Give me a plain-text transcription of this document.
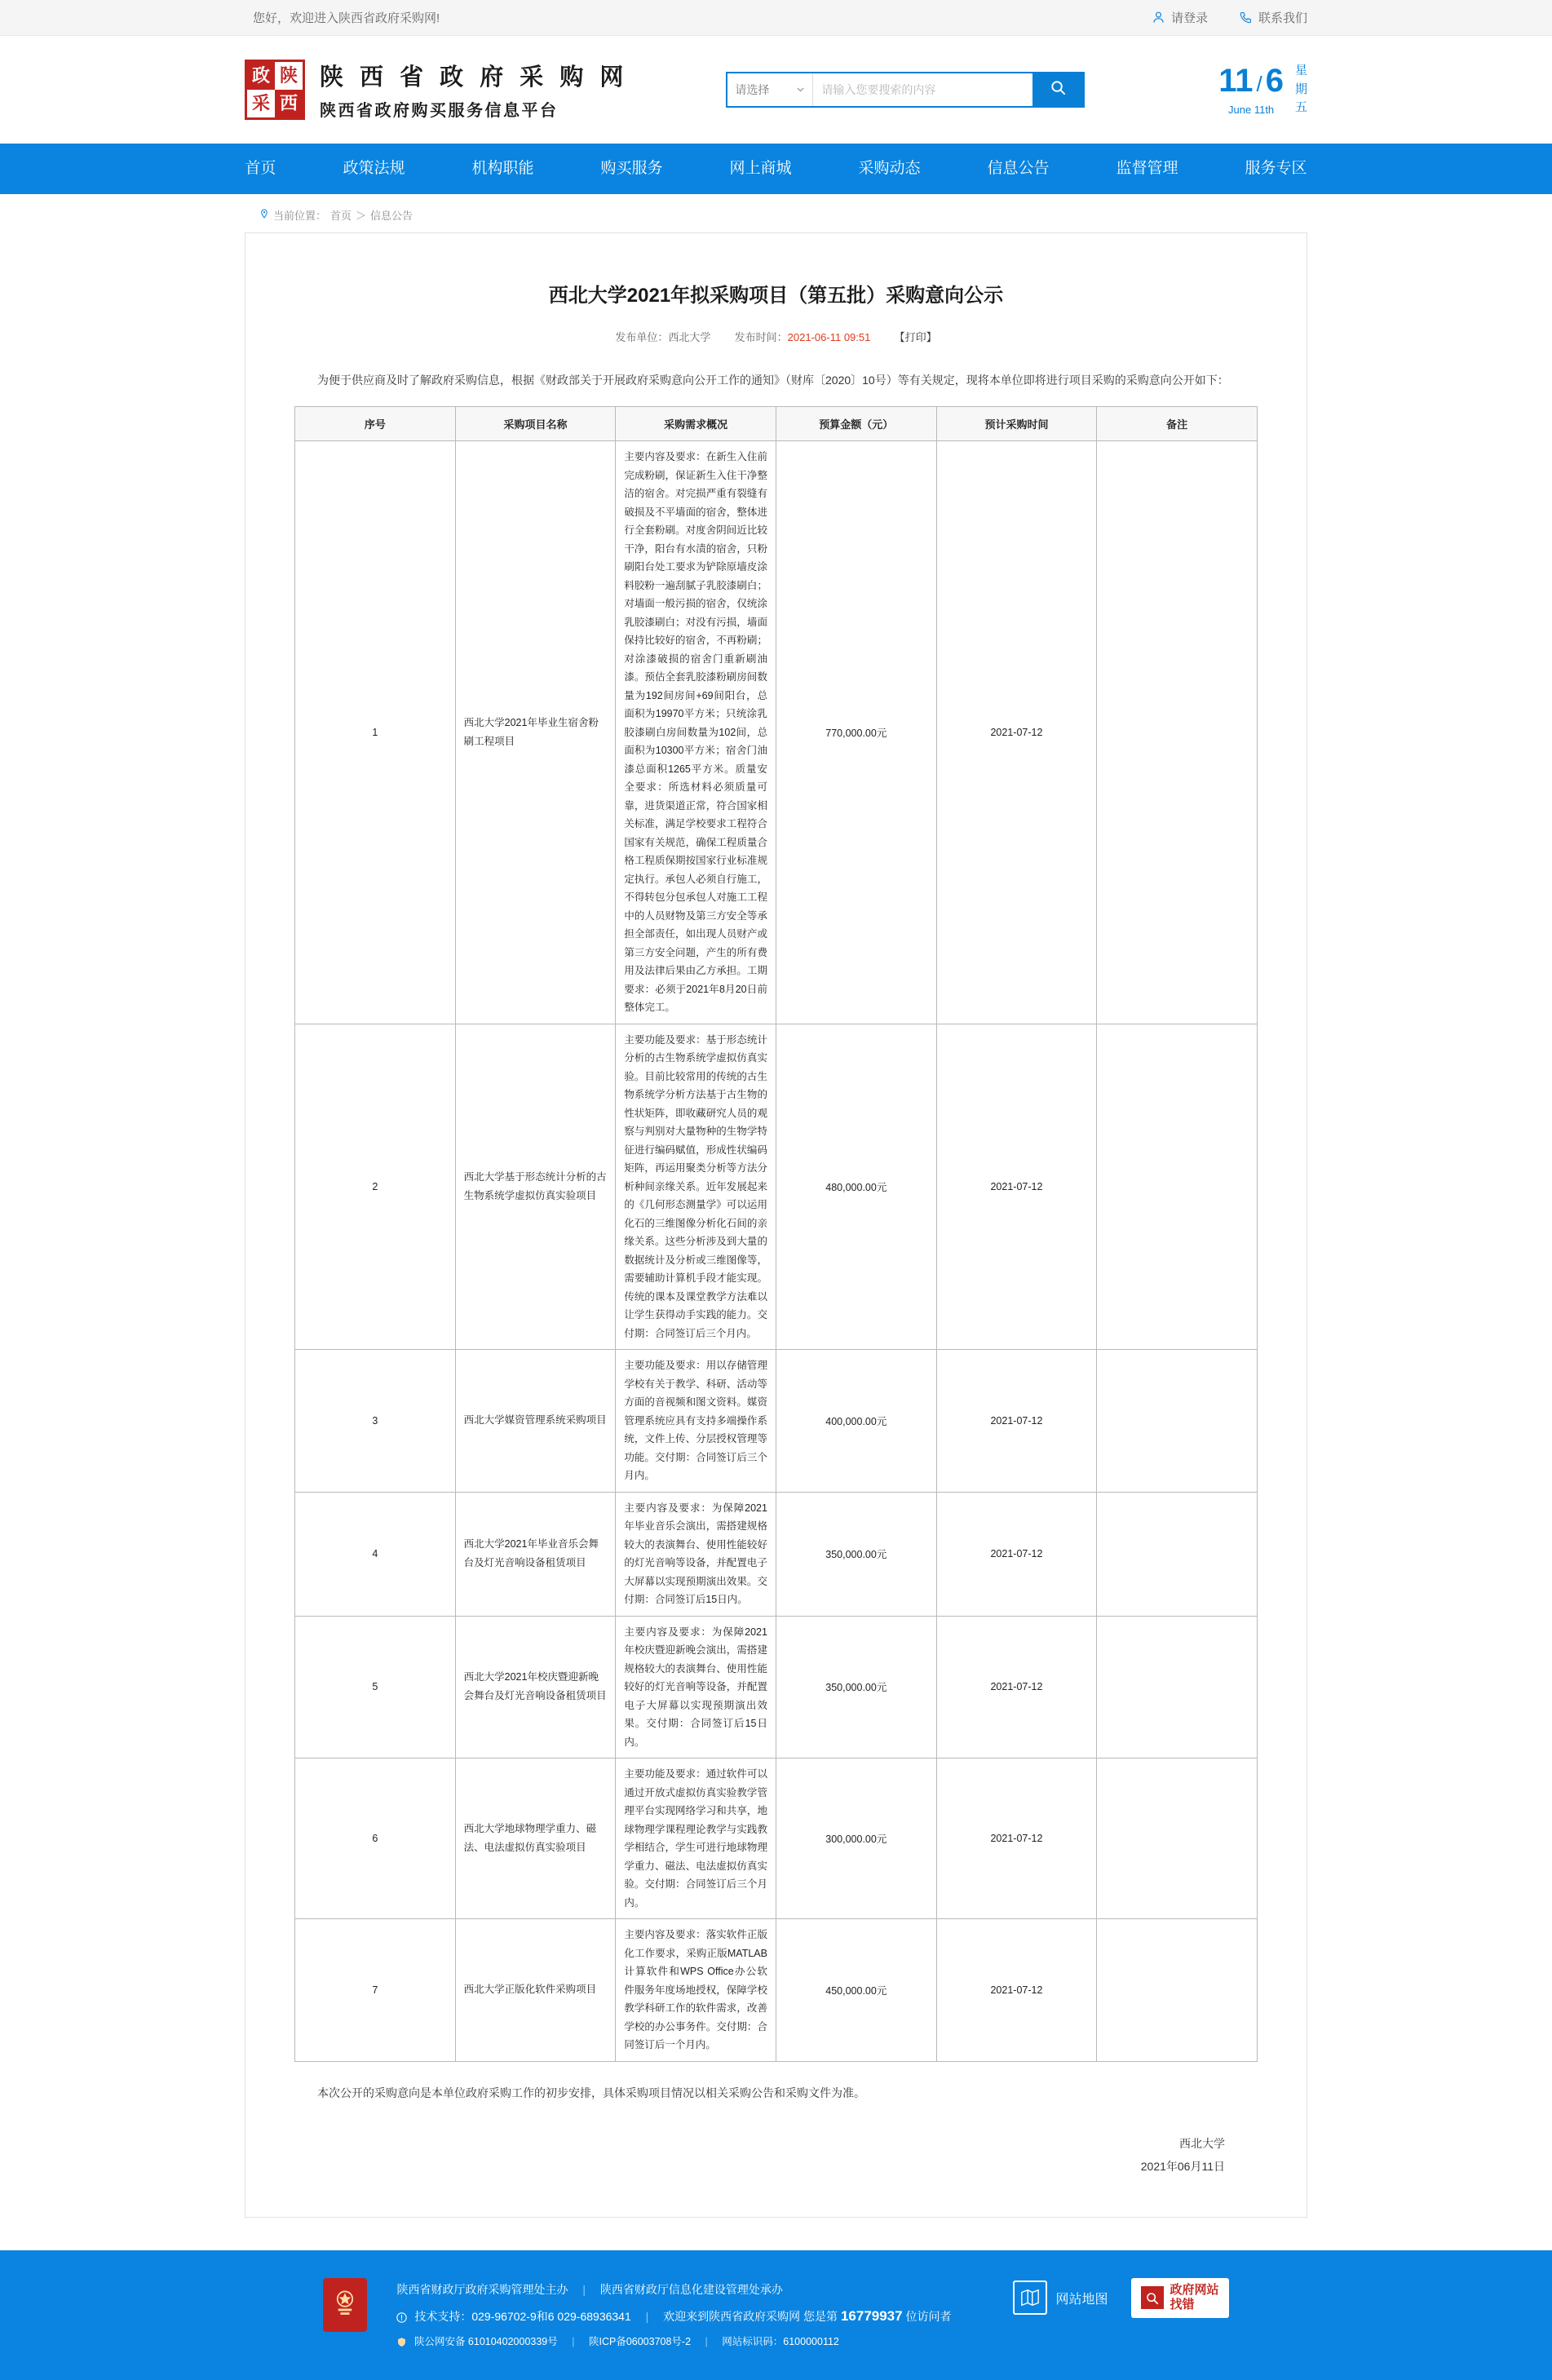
您好，欢迎进入陕西省政府采购网!	请登录	联系我们
政 陕
采 西
陕 西 省 政 府 采 购 网
陕西省政府购买服务信息平台
请选择	请输入您要搜索的内容	11 / 6
June 11th
星
期
五
首页	政策法规	机构职能	购买服务	网上商城	采购动态	信息公告	监督管理	服务专区
当前位置： 首页 ＞ 信息公告
西北大学2021年拟采购项目（第五批）采购意向公示
发布单位：西北大学 发布时间：2021-06-11 09:51 【打印】

为便于供应商及时了解政府采购信息，根据《财政部关于开展政府采购意向公开工作的通知》（财库〔2020〕10号）等有关规定，现将本单位即将进行项目采购的采购意向公开如下：

序号	采购项目名称	采购需求概况	预算金额（元）	预计采购时间	备注
1	西北大学2021年毕业生宿舍粉刷工程项目	主要内容及要求：在新生入住前完成粉刷，保证新生入住干净整洁的宿舍。对完损严重有裂缝有破损及不平墙面的宿舍，整体进行全套粉刷。对度舍阴间近比较干净，阳台有水渍的宿舍，只粉刷阳台处工要求为铲除原墙皮涂料胶粉一遍刮腻子乳胶漆刷白；对墙面一般污损的宿舍，仅统涂乳胶漆刷白；对没有污损，墙面保持比较好的宿舍，不再粉刷；对涂漆破损的宿舍门重新刷油漆。预估全套乳胶漆粉刷房间数量为192间房间+69间阳台，总面积为19970平方米；只统涂乳胶漆刷白房间数量为102间，总面积为10300平方米；宿舍门油漆总面积1265平方米。质量安全要求：所选材料必须质量可靠，进货渠道正常，符合国家相关标准，满足学校要求工程符合国家有关规范，确保工程质量合格工程质保期按国家行业标准规定执行。承包人必须自行施工，不得转包分包承包人对施工工程中的人员财物及第三方安全等承担全部责任，如出现人员财产或第三方安全问题，产生的所有费用及法律后果由乙方承担。工期要求：必须于2021年8月20日前整体完工。	770,000.00元	2021-07-12	
2	西北大学基于形态统计分析的古生物系统学虚拟仿真实验项目	主要功能及要求：基于形态统计分析的古生物系统学虚拟仿真实验。目前比较常用的传统的古生物系统学分析方法基于古生物的性状矩阵，即收藏研究人员的观察与判别对大量物种的生物学特征进行编码赋值，形成性状编码矩阵，再运用聚类分析等方法分析种间亲缘关系。近年发展起来的《几何形态测量学》可以运用化石的三维图像分析化石间的亲缘关系。这些分析涉及到大量的数据统计及分析或三维图像等，需要辅助计算机手段才能实现。传统的课本及课堂教学方法难以让学生获得动手实践的能力。交付期：合同签订后三个月内。	480,000.00元	2021-07-12	
3	西北大学媒资管理系统采购项目	主要功能及要求：用以存储管理学校有关于教学、科研、活动等方面的音视频和图文资料。媒资管理系统应具有支持多端操作系统，文件上传、分层授权管理等功能。交付期：合同签订后三个月内。	400,000.00元	2021-07-12	
4	西北大学2021年毕业音乐会舞台及灯光音响设备租赁项目	主要内容及要求：为保障2021年毕业音乐会演出，需搭建规格较大的表演舞台、使用性能较好的灯光音响等设备，并配置电子大屏幕以实现预期演出效果。交付期：合同签订后15日内。	350,000.00元	2021-07-12	
5	西北大学2021年校庆暨迎新晚会舞台及灯光音响设备租赁项目	主要内容及要求：为保障2021年校庆暨迎新晚会演出，需搭建规格较大的表演舞台、使用性能较好的灯光音响等设备，并配置电子大屏幕以实现预期演出效果。交付期：合同签订后15日内。	350,000.00元	2021-07-12	
6	西北大学地球物理学重力、磁法、电法虚拟仿真实验项目	主要功能及要求：通过软件可以通过开放式虚拟仿真实验教学管理平台实现网络学习和共享，地球物理学课程理论教学与实践教学相结合，学生可进行地球物理学重力、磁法、电法虚拟仿真实验。交付期：合同签订后三个月内。	300,000.00元	2021-07-12	
7	西北大学正版化软件采购项目	主要内容及要求：落实软件正版化工作要求，采购正版MATLAB计算软件和WPS Office办公软件服务年度场地授权，保障学校教学科研工作的软件需求，改善学校的办公事务件。交付期：合同签订后一个月内。	450,000.00元	2021-07-12	

本次公开的采购意向是本单位政府采购工作的初步安排，具体采购项目情况以相关采购公告和采购文件为准。

西北大学
2021年06月11日
陕西省财政厅政府采购管理处主办 | 陕西省财政厅信息化建设管理处承办
技术支持：029-96702-9和6 029-68936341 | 欢迎来到陕西省政府采购网 您是第 16779937 位访问者
陕公网安备 61010402000339号 | 陕ICP备06003708号-2 | 网站标识码：6100000112
网站地图
政府网站
找错
